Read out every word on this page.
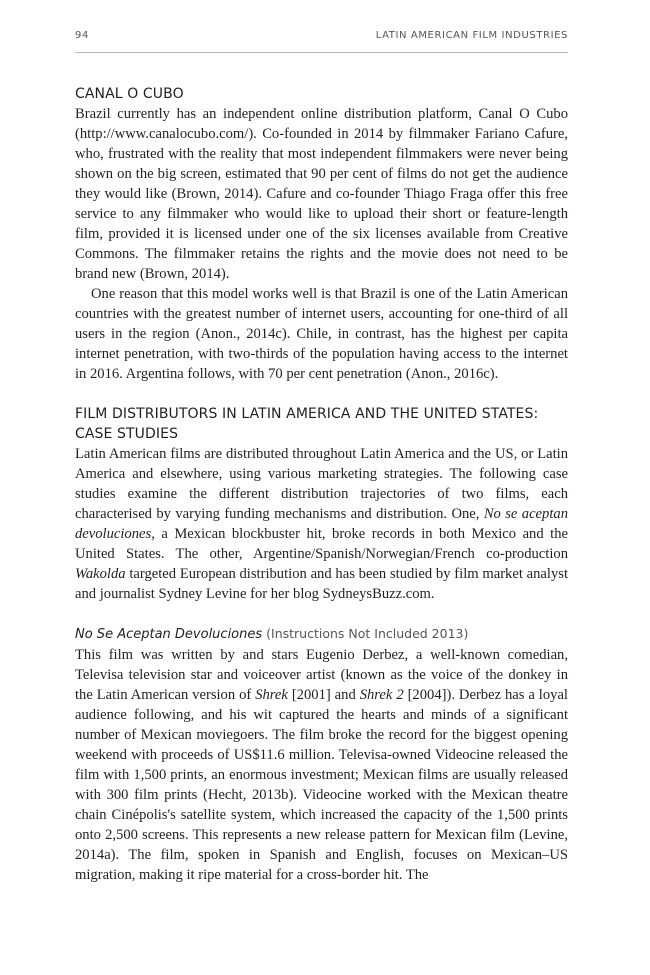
94	LATIN AMERICAN FILM INDUSTRIES
CANAL O CUBO

Brazil currently has an independent online distribution platform, Canal O Cubo (http://www.canalocubo.com/). Co-founded in 2014 by filmmaker Fariano Cafure, who, frustrated with the reality that most independent filmmakers were never being shown on the big screen, estimated that 90 per cent of films do not get the audience they would like (Brown, 2014). Cafure and co-founder Thiago Fraga offer this free service to any filmmaker who would like to upload their short or feature-length film, provided it is licensed under one of the six licenses available from Creative Commons. The filmmaker retains the rights and the movie does not need to be brand new (Brown, 2014).

One reason that this model works well is that Brazil is one of the Latin American countries with the greatest number of internet users, accounting for one-third of all users in the region (Anon., 2014c). Chile, in contrast, has the highest per capita internet penetration, with two-thirds of the population having access to the internet in 2016. Argentina follows, with 70 per cent penetration (Anon., 2016c).

FILM DISTRIBUTORS IN LATIN AMERICA AND THE UNITED STATES: CASE STUDIES

Latin American films are distributed throughout Latin America and the US, or Latin America and elsewhere, using various marketing strategies. The following case studies examine the different distribution trajectories of two films, each characterised by varying funding mechanisms and distribution. One, No se aceptan devoluciones, a Mexican blockbuster hit, broke records in both Mexico and the United States. The other, Argentine/Spanish/Norwegian/French co-production Wakolda targeted European distribution and has been studied by film market analyst and journalist Sydney Levine for her blog SydneysBuzz.com.

No Se Aceptan Devoluciones (Instructions Not Included 2013)

This film was written by and stars Eugenio Derbez, a well-known comedian, Televisa television star and voiceover artist (known as the voice of the donkey in the Latin American version of Shrek [2001] and Shrek 2 [2004]). Derbez has a loyal audience following, and his wit captured the hearts and minds of a significant number of Mexican moviegoers. The film broke the record for the biggest opening weekend with proceeds of US$11.6 million. Televisa-owned Videocine released the film with 1,500 prints, an enormous investment; Mexican films are usually released with 300 film prints (Hecht, 2013b). Videocine worked with the Mexican theatre chain Cinépolis's satellite system, which increased the capacity of the 1,500 prints onto 2,500 screens. This represents a new release pattern for Mexican film (Levine, 2014a). The film, spoken in Spanish and English, focuses on Mexican–US migration, making it ripe material for a cross-border hit. The
